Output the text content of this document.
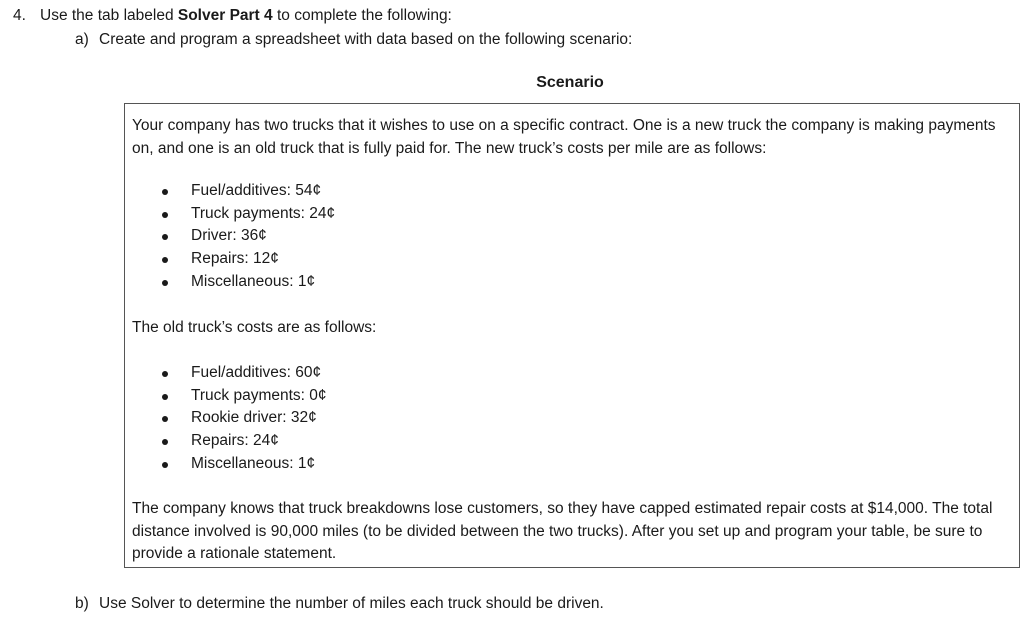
4. Use the tab labeled Solver Part 4 to complete the following:
a) Create and program a spreadsheet with data based on the following scenario:
Scenario
Your company has two trucks that it wishes to use on a specific contract. One is a new truck the company is making payments on, and one is an old truck that is fully paid for. The new truck’s costs per mile are as follows:
Fuel/additives: 54¢
Truck payments: 24¢
Driver: 36¢
Repairs: 12¢
Miscellaneous: 1¢
The old truck’s costs are as follows:
Fuel/additives: 60¢
Truck payments: 0¢
Rookie driver: 32¢
Repairs: 24¢
Miscellaneous: 1¢
The company knows that truck breakdowns lose customers, so they have capped estimated repair costs at $14,000. The total distance involved is 90,000 miles (to be divided between the two trucks). After you set up and program your table, be sure to provide a rationale statement.
b) Use Solver to determine the number of miles each truck should be driven.
